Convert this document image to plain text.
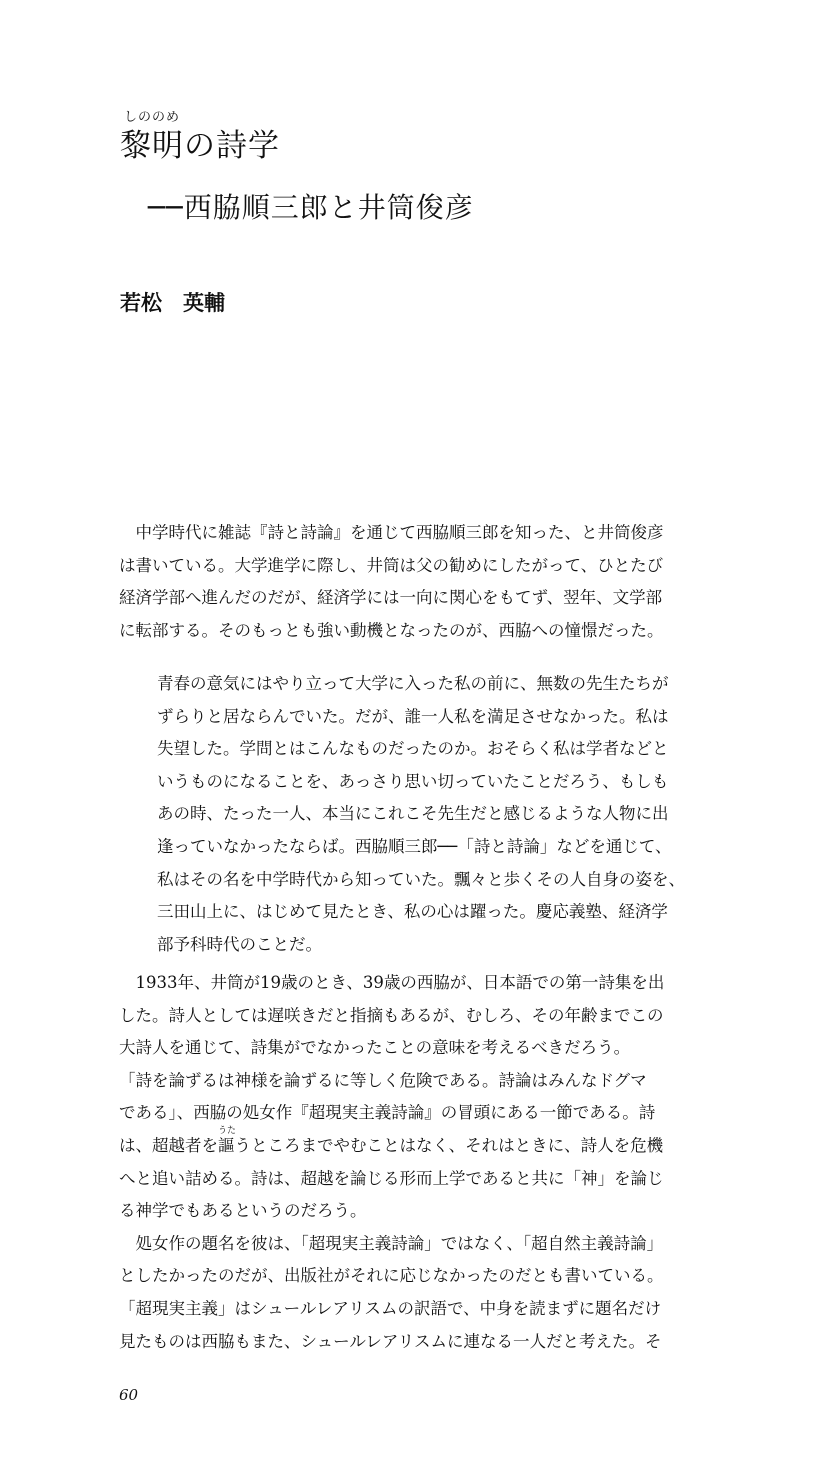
しののめ
黎明の詩学
──西脇順三郎と井筒俊彦
若松　英輔

　中学時代に雑誌『詩と詩論』を通じて西脇順三郎を知った、と井筒俊彦
は書いている。大学進学に際し、井筒は父の勧めにしたがって、ひとたび
経済学部へ進んだのだが、経済学には一向に関心をもてず、翌年、文学部
に転部する。そのもっとも強い動機となったのが、西脇への憧憬だった。

青春の意気にはやり立って大学に入った私の前に、無数の先生たちが
ずらりと居ならんでいた。だが、誰一人私を満足させなかった。私は
失望した。学問とはこんなものだったのか。おそらく私は学者などと
いうものになることを、あっさり思い切っていたことだろう、もしも
あの時、たった一人、本当にこれこそ先生だと感じるような人物に出
逢っていなかったならば。西脇順三郎──「詩と詩論」などを通じて、
私はその名を中学時代から知っていた。飄々と歩くその人自身の姿を、
三田山上に、はじめて見たとき、私の心は躍った。慶応義塾、経済学
部予科時代のことだ。

　1933年、井筒が19歳のとき、39歳の西脇が、日本語での第一詩集を出
した。詩人としては遅咲きだと指摘もあるが、むしろ、その年齢までこの
大詩人を通じて、詩集がでなかったことの意味を考えるべきだろう。
「詩を論ずるは神様を論ずるに等しく危険である。詩論はみんなドグマ
である」、西脇の処女作『超現実主義詩論』の冒頭にある一節である。詩
は、超越者を
うた
謳うところまでやむことはなく、それはときに、詩人を危機
へと追い詰める。詩は、超越を論じる形而上学であると共に「神」を論じ
る神学でもあるというのだろう。
　処女作の題名を彼は、「超現実主義詩論」ではなく、「超自然主義詩論」
としたかったのだが、出版社がそれに応じなかったのだとも書いている。
「超現実主義」はシュールレアリスムの訳語で、中身を読まずに題名だけ
見たものは西脇もまた、シュールレアリスムに連なる一人だと考えた。そ

60
